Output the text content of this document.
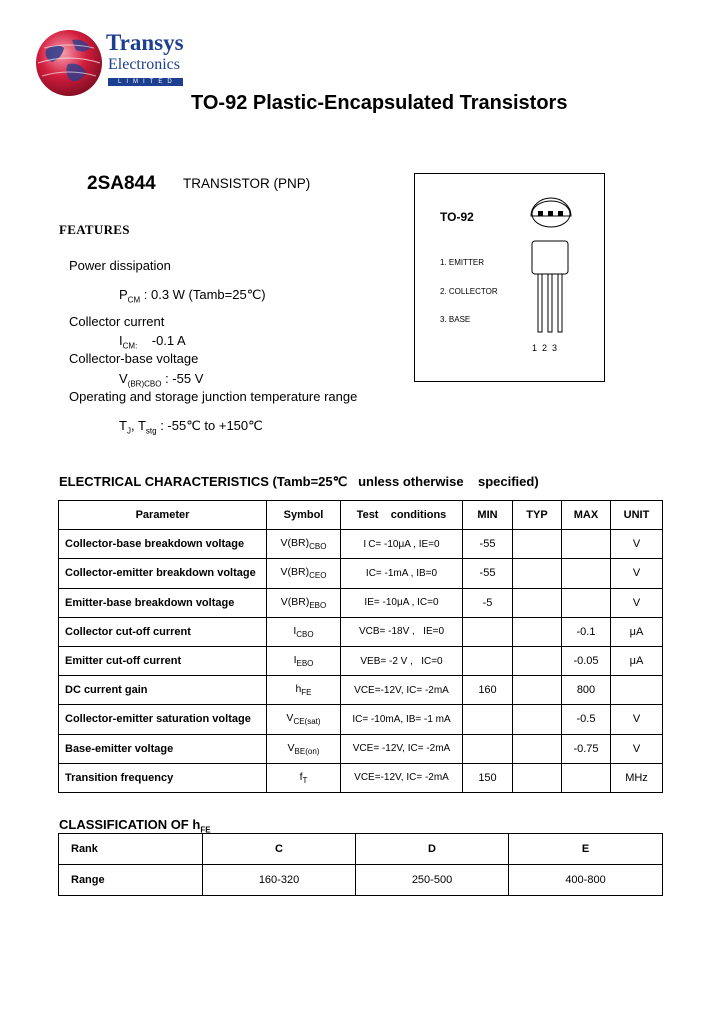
Transys
Electronics
LIMITED
TO-92 Plastic-Encapsulated Transistors
2SA844 TRANSISTOR (PNP)
FEATURES
Power dissipation
$P_{CM}$ : 0.3 W (Tamb=25℃)
Collector current
$I_{CM:}$ -0.1 A
Collector-base voltage
$V_{(BR)CBO}$ : -55 V
Operating and storage junction temperature range
$T_J$, $T_{stg}$ : -55℃ to +150℃
TO-92
1. EMITTER
2. COLLECTOR
3. BASE
1  2  3
ELECTRICAL CHARACTERISTICS (Tamb=25℃   unless otherwise    specified)
Parameter	Symbol	Test    conditions	MIN	TYP	MAX	UNIT
Collector-base breakdown voltage	$V(BR)_{CBO}$	I C= -10μA , IE=0	-55			V
Collector-emitter breakdown voltage	$V(BR)_{CEO}$	IC= -1mA , IB=0	-55			V
Emitter-base breakdown voltage	$V(BR)_{EBO}$	IE= -10μA , IC=0	-5			V
Collector cut-off current	$I_{CBO}$	VCB= -18V ,   IE=0			-0.1	μA
Emitter cut-off current	$I_{EBO}$	VEB= -2 V ,   IC=0			-0.05	μA
DC current gain	$h_{FE}$	VCE=-12V, IC= -2mA	160		800	
Collector-emitter saturation voltage	$V_{CE(sat)}$	IC= -10mA, IB= -1 mA			-0.5	V
Base-emitter voltage	$V_{BE(on)}$	VCE= -12V, IC= -2mA			-0.75	V
Transition frequency	$f_T$	VCE=-12V, IC= -2mA	150			MHz
CLASSIFICATION OF $h_{FE}$
Rank	C	D	E
Range	160-320	250-500	400-800
